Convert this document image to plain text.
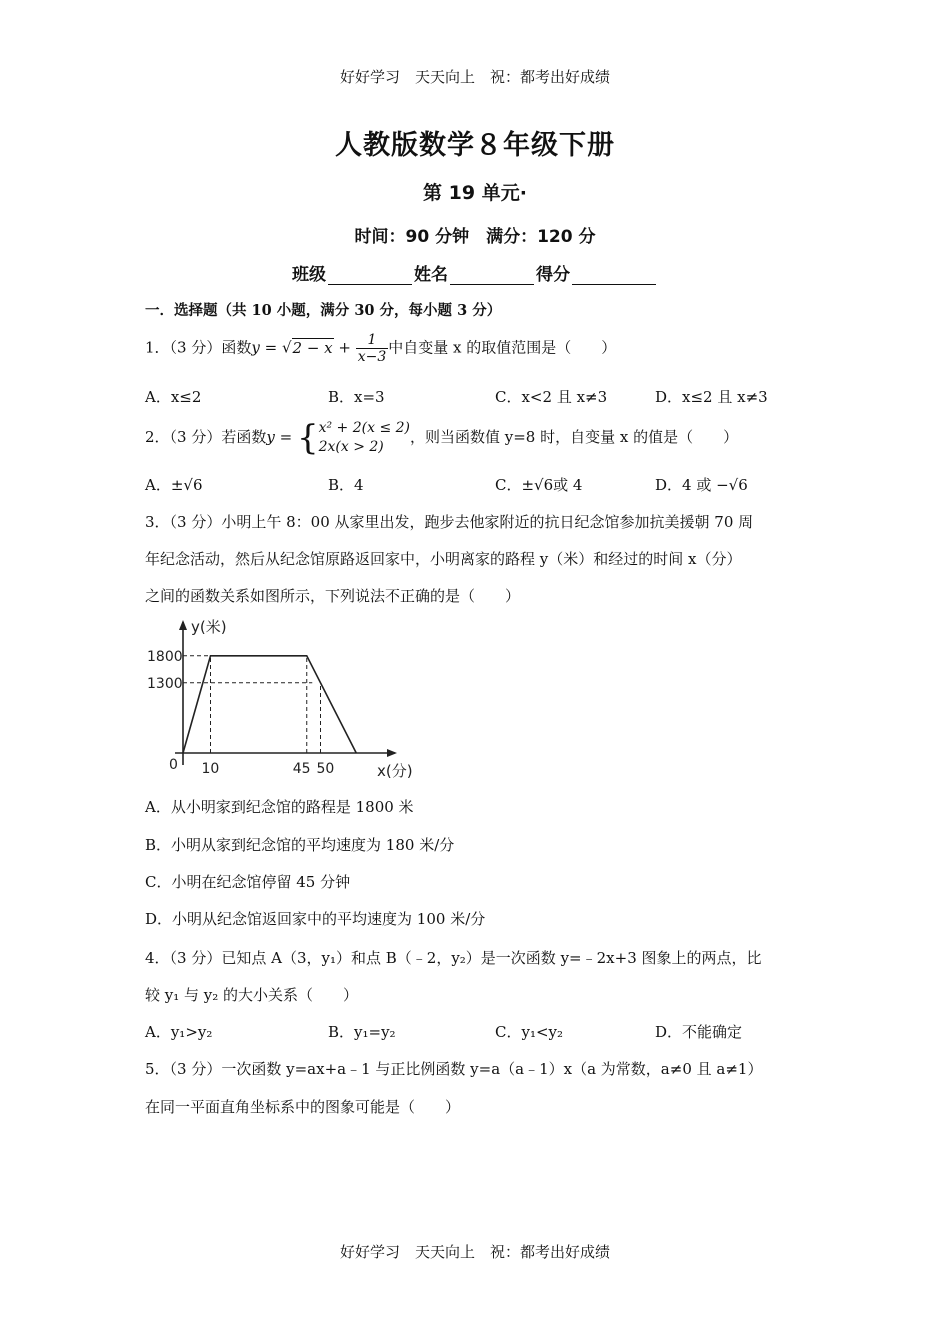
好好学习　天天向上　祝：都考出好成绩
好好学习　天天向上　祝：都考出好成绩
人教版数学８年级下册
第 19 单元·
时间：90 分钟　满分：120 分
班级	姓名	得分
一．选择题（共 10 小题，满分 30 分，每小题 3 分）
1．（3 分）函数$y = √2 - x + \frac{1}{x-3}$ 中自变量 x 的取值范围是（　　）
A．x≤2	B．x=3	C．x<2 且 x≠3	D．x≤2 且 x≠3
2．（3 分）若函数y = { x² + 2(x ≤ 2)
2x(x > 2)
，则当函数值 y=8 时，自变量 x 的值是（　　）
A．±√6	B．4	C．±√6或 4	D．4 或 −√6
3．（3 分）小明上午 8：00 从家里出发，跑步去他家附近的抗日纪念馆参加抗美援朝 70 周
年纪念活动，然后从纪念馆原路返回家中，小明离家的路程 y（米）和经过的时间 x（分）
之间的函数关系如图所示，下列说法不正确的是（　　）
y(米)
x(分)
0
1300
1800
10	45 50
A．从小明家到纪念馆的路程是 1800 米
B．小明从家到纪念馆的平均速度为 180 米/分
C．小明在纪念馆停留 45 分钟
D．小明从纪念馆返回家中的平均速度为 100 米/分
4．（3 分）已知点 A（3，y₁）和点 B（﹣2，y₂）是一次函数 y=﹣2x+3 图象上的两点，比
较 y₁ 与 y₂ 的大小关系（　　）
A．y₁>y₂	B．y₁=y₂	C．y₁<y₂	D．不能确定
5．（3 分）一次函数 y=ax+a﹣1 与正比例函数 y=a（a﹣1）x（a 为常数，a≠0 且 a≠1）
在同一平面直角坐标系中的图象可能是（　　）
